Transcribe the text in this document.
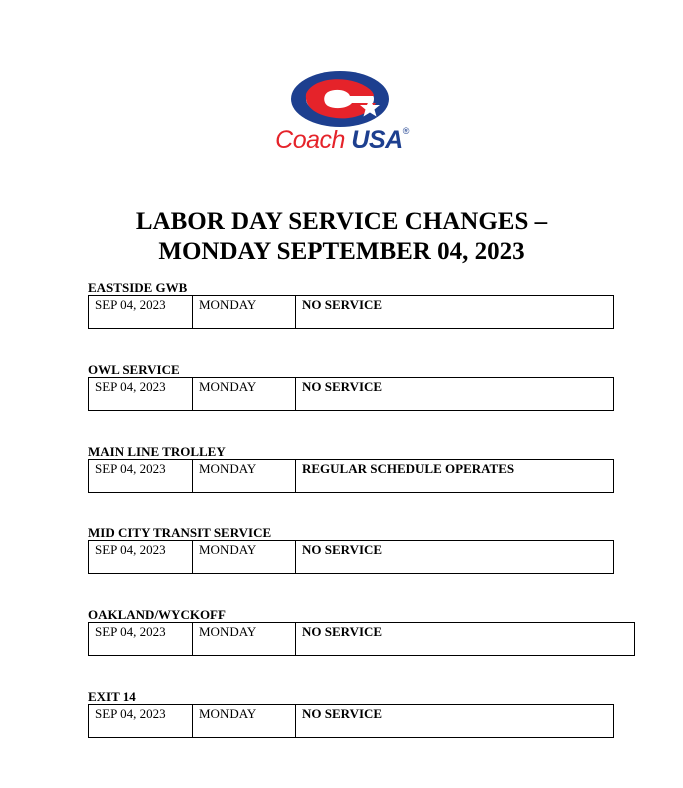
Coach USA®
LABOR DAY SERVICE CHANGES –
MONDAY SEPTEMBER 04, 2023
EASTSIDE GWB
SEP 04, 2023	MONDAY	NO SERVICE
OWL SERVICE
SEP 04, 2023	MONDAY	NO SERVICE
MAIN LINE TROLLEY
SEP 04, 2023	MONDAY	REGULAR SCHEDULE OPERATES
MID CITY TRANSIT SERVICE
SEP 04, 2023	MONDAY	NO SERVICE
OAKLAND/WYCKOFF
SEP 04, 2023	MONDAY	NO SERVICE
EXIT 14
SEP 04, 2023	MONDAY	NO SERVICE
